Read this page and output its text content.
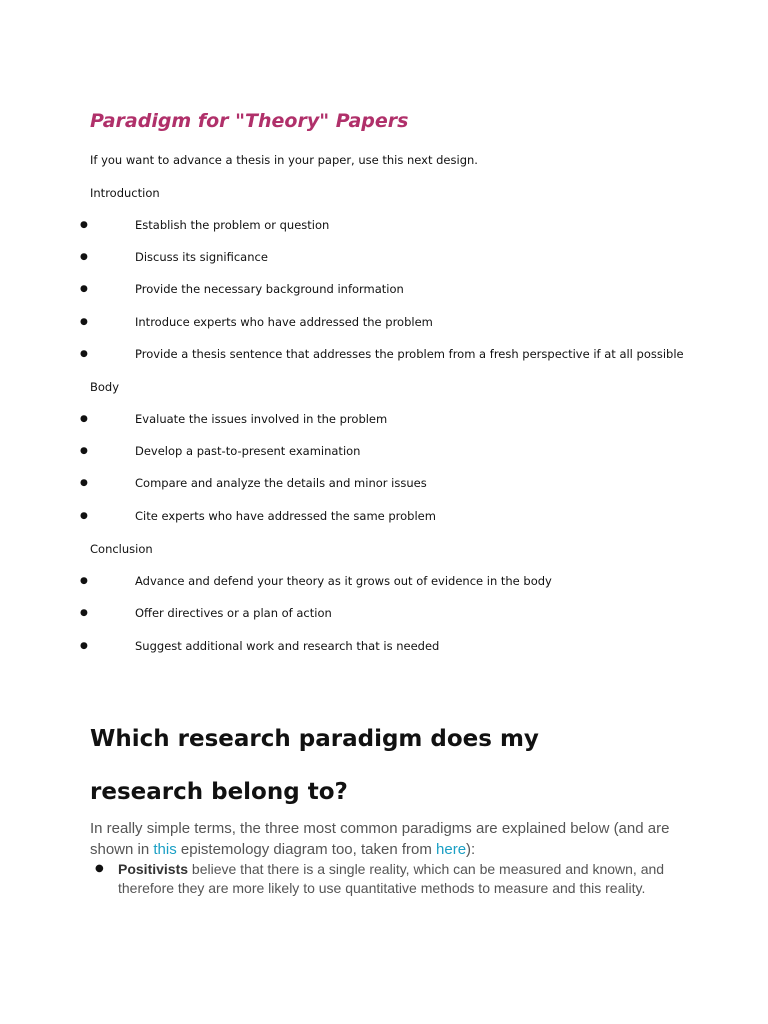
Paradigm for "Theory" Papers

If you want to advance a thesis in your paper, use this next design.

Introduction

●	Establish the problem or question
●	Discuss its significance
●	Provide the necessary background information
●	Introduce experts who have addressed the problem
●	Provide a thesis sentence that addresses the problem from a fresh perspective if at all possible

Body

●	Evaluate the issues involved in the problem
●	Develop a past-to-present examination
●	Compare and analyze the details and minor issues
●	Cite experts who have addressed the same problem

Conclusion

●	Advance and defend your theory as it grows out of evidence in the body
●	Offer directives or a plan of action
●	Suggest additional work and research that is needed
Which research paradigm does my
research belong to?

In really simple terms, the three most common paradigms are explained below (and are shown in this epistemology diagram too, taken from here):

● Positivists believe that there is a single reality, which can be measured and known, and therefore they are more likely to use quantitative methods to measure and this reality.
